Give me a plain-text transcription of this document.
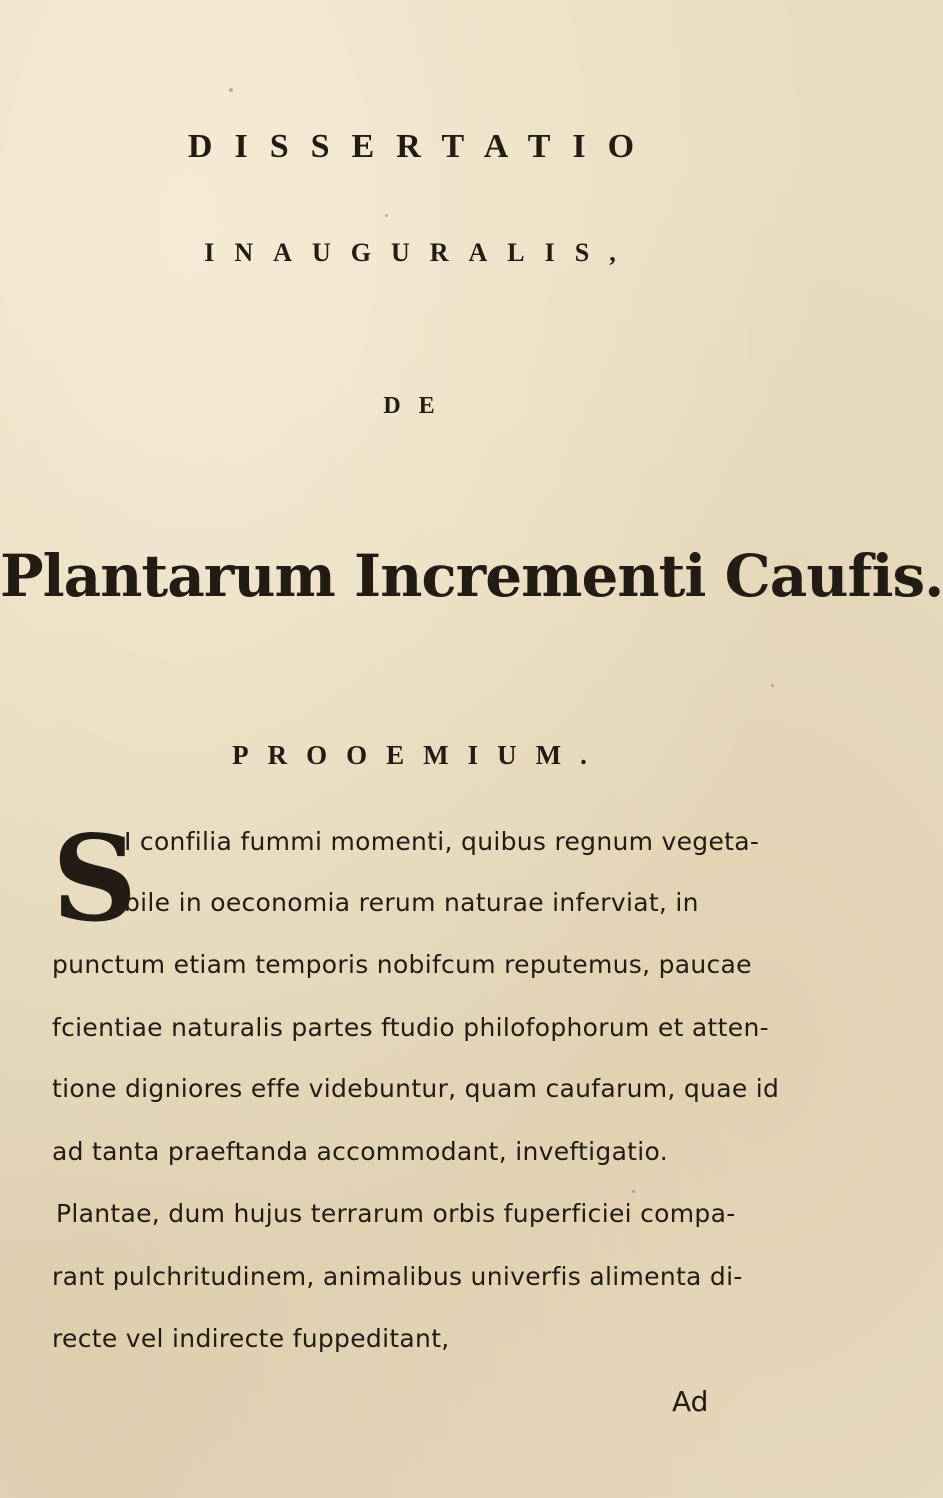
DISSERTATIO
INAUGURALIS,
DE
Plantarum Incrementi Caufis.
PROOEMIUM.
S
I confilia fummi momenti, quibus regnum vegeta-
bile in oeconomia rerum naturae inferviat, in
punctum etiam temporis nobifcum reputemus, paucae
fcientiae naturalis partes ftudio philofophorum et atten-
tione digniores effe videbuntur, quam caufarum, quae id
ad tanta praeftanda accommodant, inveftigatio.
Plantae, dum hujus terrarum orbis fuperficiei compa-
rant pulchritudinem, animalibus univerfis alimenta di-
recte vel indirecte fuppeditant,
Ad
